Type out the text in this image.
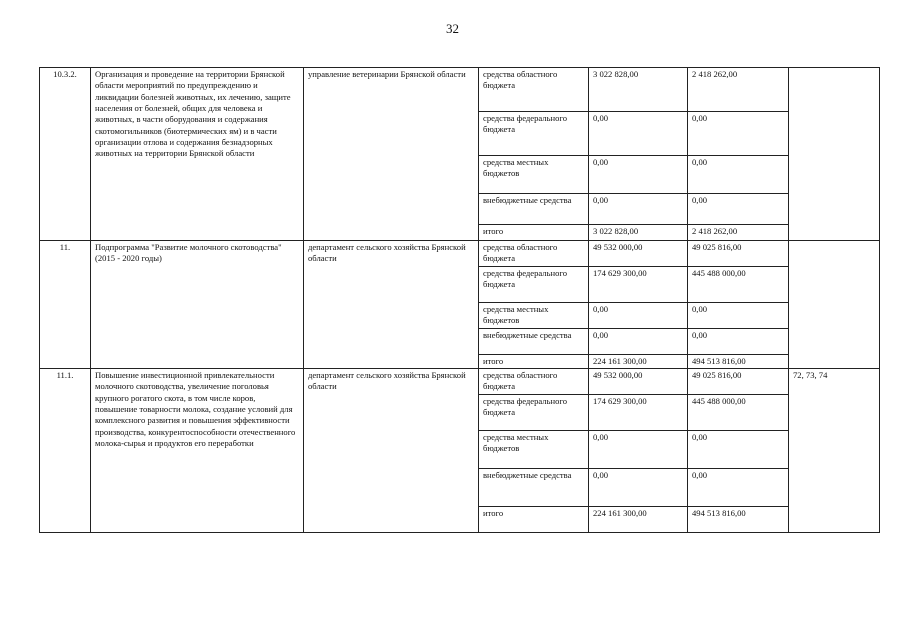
32
10.3.2.	Организация и проведение на территории Брянской области мероприятий по предупреждению и ликвидации болезней животных, их лечению, защите населения от болезней, общих для человека и животных, в части оборудования и содержания скотомогильников (биотермических ям) и в части организации отлова и содержания безнадзорных животных на территории Брянской области	управление ветеринарии Брянской области	средства областного бюджета	3 022 828,00	2 418 262,00	
			средства федерального бюджета	0,00	0,00	
			средства местных бюджетов	0,00	0,00	
			внебюджетные средства	0,00	0,00	
			итого	3 022 828,00	2 418 262,00	
11.	Подпрограмма "Развитие молочного скотоводства" (2015 - 2020 годы)	департамент сельского хозяйства Брянской области	средства областного бюджета	49 532 000,00	49 025 816,00	
			средства федерального бюджета	174 629 300,00	445 488 000,00	
			средства местных бюджетов	0,00	0,00	
			внебюджетные средства	0,00	0,00	
			итого	224 161 300,00	494 513 816,00	
11.1.	Повышение инвестиционной привлекательности молочного скотоводства, увеличение поголовья крупного рогатого скота, в том числе коров, повышение товарности молока, создание условий для комплексного развития и повышения эффективности производства, конкурентоспособности отечественного молока-сырья и продуктов его переработки	департамент сельского хозяйства Брянской области	средства областного бюджета	49 532 000,00	49 025 816,00	72, 73, 74
			средства федерального бюджета	174 629 300,00	445 488 000,00	
			средства местных бюджетов	0,00	0,00	
			внебюджетные средства	0,00	0,00	
			итого	224 161 300,00	494 513 816,00	
